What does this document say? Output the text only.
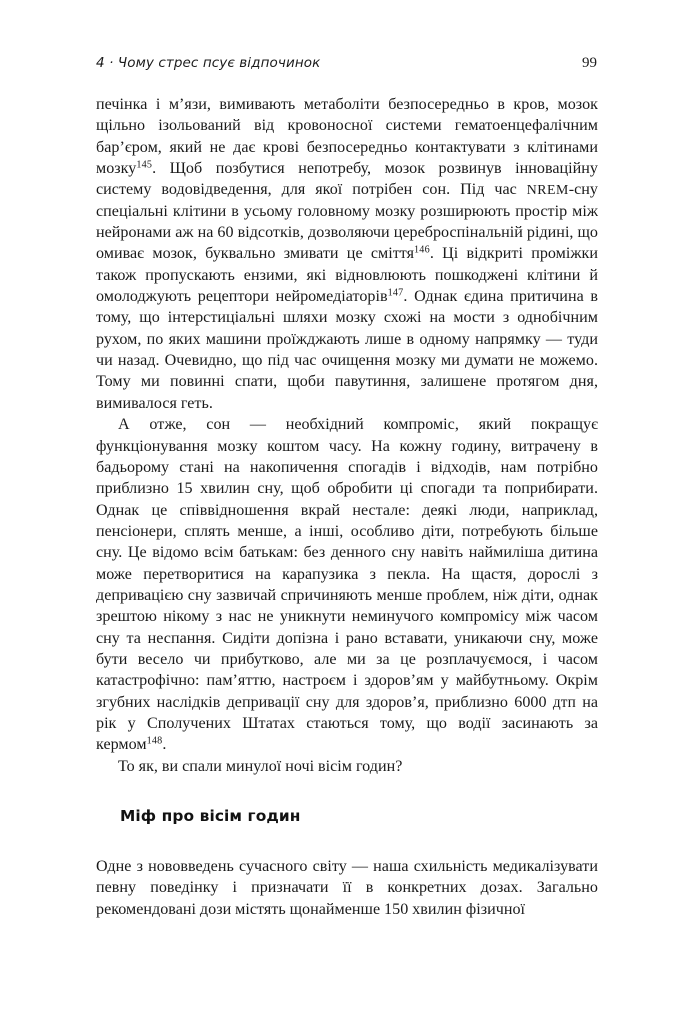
4 · Чому стрес псує відпочинок	99

печінка і м’язи, вимивають метаболіти безпосередньо в кров, мозок щільно ізольований від кровоносної системи гематоенцефалічним бар’єром, який не дає крові безпосередньо контактувати з клітинами мозку$^{145}$. Щоб позбутися непотребу, мозок розвинув інноваційну систему водовідведення, для якої потрібен сон. Під час NREM-сну спеціальні клітини в усьому головному мозку розширюють простір між нейронами аж на 60 відсотків, дозволяючи цереброспінальній рідині, що омиває мозок, буквально змивати це сміття$^{146}$. Ці відкриті проміжки також пропускають ензими, які відновлюють пошкоджені клітини й омолоджують рецептори нейромедіаторів$^{147}$. Однак єдина притичина в тому, що інтерстиціальні шляхи мозку схожі на мости з однобічним рухом, по яких машини проїжджають лише в одному напрямку — туди чи назад. Очевидно, що під час очищення мозку ми думати не можемо. Тому ми повинні спати, щоби павутиння, залишене протягом дня, вимивалося геть.

А отже, сон — необхідний компроміс, який покращує функціонування мозку коштом часу. На кожну годину, витрачену в бадьорому стані на накопичення спогадів і відходів, нам потрібно приблизно 15 хвилин сну, щоб обробити ці спогади та поприбирати. Однак це співвідношення вкрай нестале: деякі люди, наприклад, пенсіонери, сплять менше, а інші, особливо діти, потребують більше сну. Це відомо всім батькам: без денного сну навіть наймиліша дитина може перетворитися на карапузика з пекла. На щастя, дорослі з депривацією сну зазвичай спричиняють менше проблем, ніж діти, однак зрештою нікому з нас не уникнути неминучого компромісу між часом сну та неспання. Сидіти допізна і рано вставати, уникаючи сну, може бути весело чи прибутково, але ми за це розплачуємося, і часом катастрофічно: пам’яттю, настроєм і здоров’ям у майбутньому. Окрім згубних наслідків депривації сну для здоров’я, приблизно 6000 дтп на рік у Сполучених Штатах стаються тому, що водії засинають за кермом$^{148}$.

То як, ви спали минулої ночі вісім годин?

Міф про вісім годин

Одне з нововведень сучасного світу — наша схильність медикалізувати певну поведінку і призначати її в конкретних дозах. Загально рекомендовані дози містять щонайменше 150 хвилин фізичної
